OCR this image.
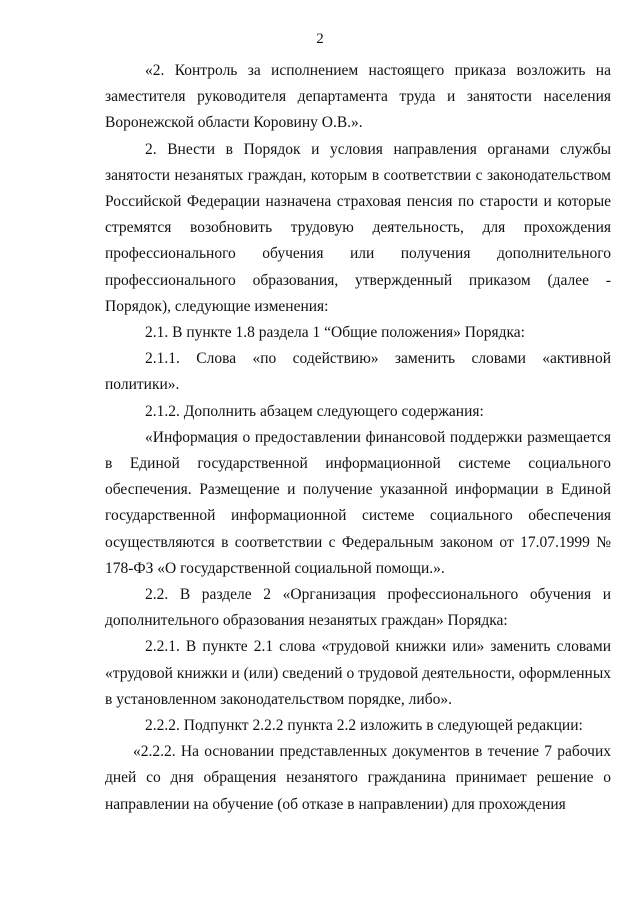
2

«2. Контроль за исполнением настоящего приказа возложить на заместителя руководителя департамента труда и занятости населения Воронежской области Коровину О.В.».

2. Внести в Порядок и условия направления органами службы занятости незанятых граждан, которым в соответствии с законодательством Российской Федерации назначена страховая пенсия по старости и которые стремятся возобновить трудовую деятельность, для прохождения профессионального обучения или получения дополнительного профессионального образования, утвержденный приказом (далее - Порядок), следующие изменения:

2.1. В пункте 1.8 раздела 1 “Общие положения» Порядка:

2.1.1. Слова «по содействию» заменить словами «активной политики».

2.1.2. Дополнить абзацем следующего содержания:

«Информация о предоставлении финансовой поддержки размещается в Единой государственной информационной системе социального обеспечения. Размещение и получение указанной информации в Единой государственной информационной системе социального обеспечения осуществляются в соответствии с Федеральным законом от 17.07.1999 № 178-ФЗ «О государственной социальной помощи.».

2.2. В разделе 2 «Организация профессионального обучения и дополнительного образования незанятых граждан» Порядка:

2.2.1. В пункте 2.1 слова «трудовой книжки или» заменить словами «трудовой книжки и (или) сведений о трудовой деятельности, оформленных в установленном законодательством порядке, либо».

2.2.2. Подпункт 2.2.2 пункта 2.2 изложить в следующей редакции:

«2.2.2. На основании представленных документов в течение 7 рабочих дней со дня обращения незанятого гражданина принимает решение о направлении на обучение (об отказе в направлении) для прохождения
